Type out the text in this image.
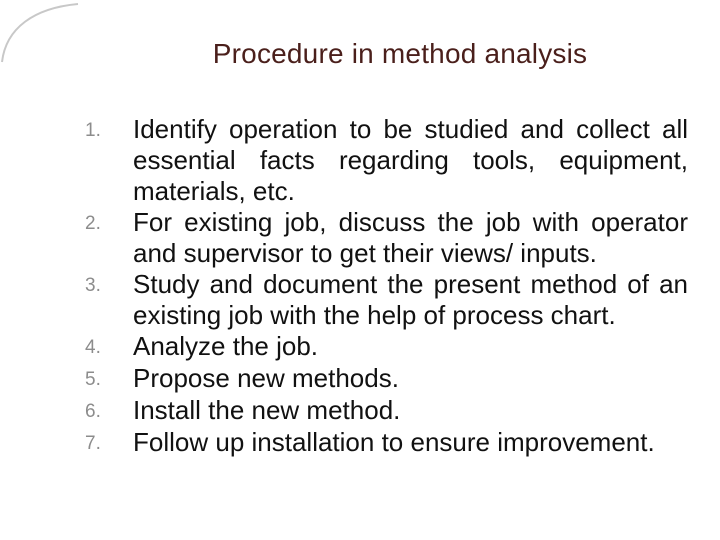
Procedure in method analysis
1.	Identify operation to be studied and collect all essential facts regarding tools, equipment, materials, etc.
2.	For existing job, discuss the job with operator and supervisor to get their views/ inputs.
3.	Study and document the present method of an existing job with the help of process chart.
4.	Analyze the job.
5.	Propose new methods.
6.	Install the new method.
7.	Follow up installation to ensure improvement.
